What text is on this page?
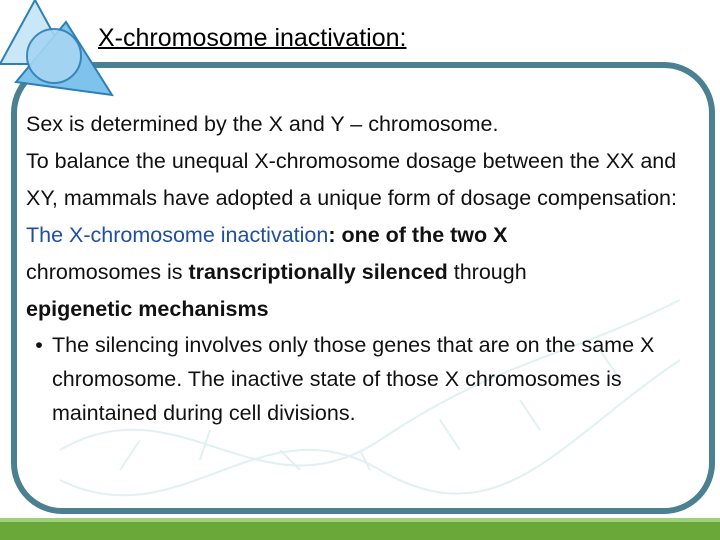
X-chromosome inactivation:

Sex is determined by the X and Y – chromosome.

To balance the unequal X-chromosome dosage between the XX and XY, mammals have adopted a unique form of dosage compensation:

The X-chromosome inactivation: one of the two X
chromosomes is transcriptionally silenced through
epigenetic mechanisms

• The silencing involves only those genes that are on the same X chromosome. The inactive state of those X chromosomes is maintained during cell divisions.
